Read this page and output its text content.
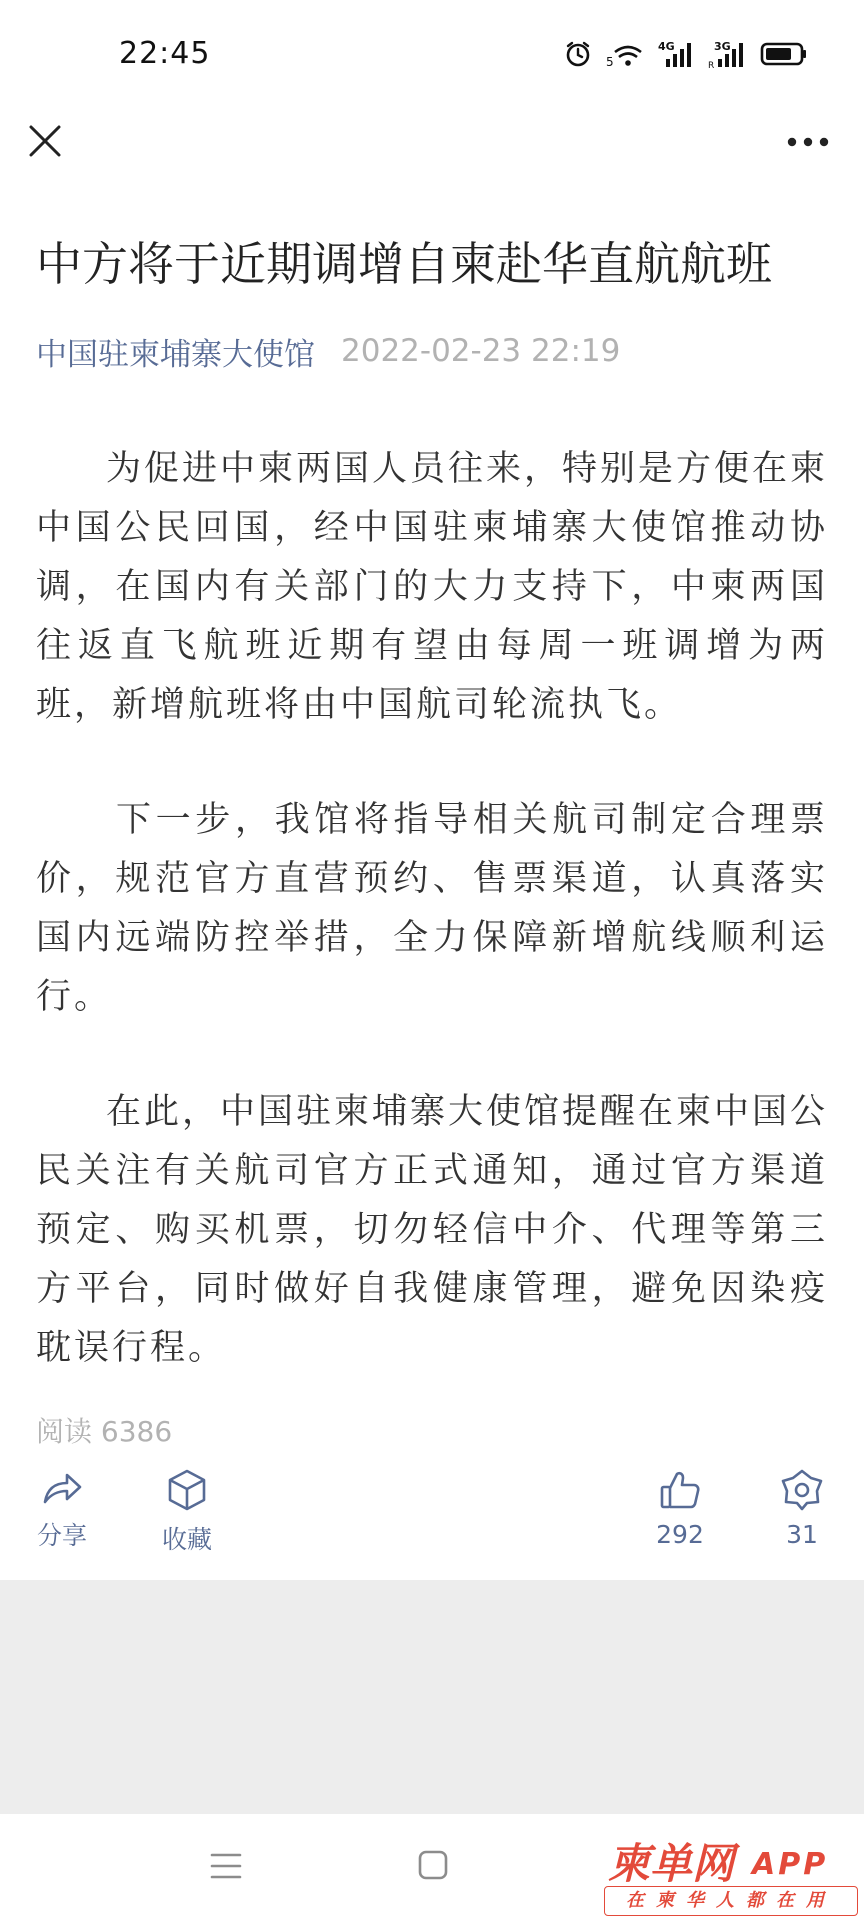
22:45	5
4G	3G
R
中方将于近期调增自柬赴华直航航班
中国驻柬埔寨大使馆 2022-02-23 22:19

为促进中柬两国人员往来，特别是方便在柬中国公民回国，经中国驻柬埔寨大使馆推动协调，在国内有关部门的大力支持下，中柬两国往返直飞航班近期有望由每周一班调增为两班，新增航班将由中国航司轮流执飞。

下一步，我馆将指导相关航司制定合理票价，规范官方直营预约、售票渠道，认真落实国内远端防控举措，全力保障新增航线顺利运行。

在此，中国驻柬埔寨大使馆提醒在柬中国公民关注有关航司官方正式通知，通过官方渠道预定、购买机票，切勿轻信中介、代理等第三方平台，同时做好自我健康管理，避免因染疫耽误行程。

阅读 6386
分享	收藏	292	31
柬单网 APP
在柬华人都在用
